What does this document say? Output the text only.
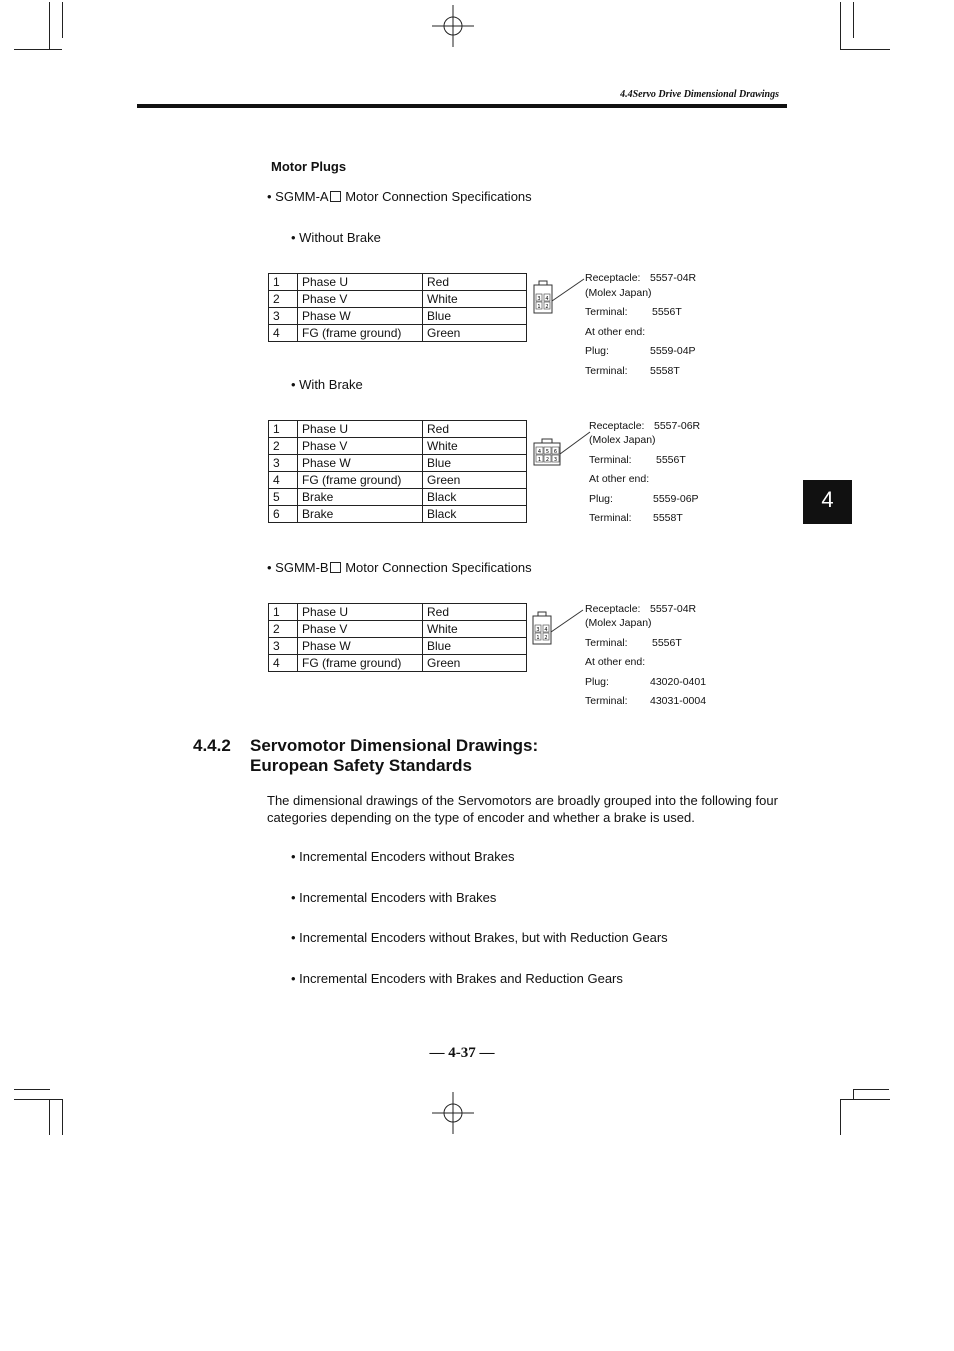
4.4Servo Drive Dimensional Drawings
4
Motor Plugs
• SGMM-A Motor Connection Specifications
• Without Brake
1	Phase U	Red
2	Phase V	White
3	Phase W	Blue
4	FG (frame ground)	Green
3 4
1 2
Receptacle: 5557-04R
(Molex Japan)
Terminal: 5556T
At other end:
Plug:	5559-04P
Terminal: 5558T
• With Brake
1	Phase U	Red
2	Phase V	White
3	Phase W	Blue
4	FG (frame ground)	Green
5	Brake	Black
6	Brake	Black
4 5 6
1 2 3
Receptacle: 5557-06R
(Molex Japan)
Terminal: 5556T
At other end:
Plug:	5559-06P
Terminal: 5558T
• SGMM-B Motor Connection Specifications
1	Phase U	Red
2	Phase V	White
3	Phase W	Blue
4	FG (frame ground)	Green
3 4
1 2
Receptacle: 5557-04R
(Molex Japan)
Terminal: 5556T
At other end:
Plug:	43020-0401
Terminal: 43031-0004
4.4.2 Servomotor Dimensional Drawings:
European Safety Standards
The dimensional drawings of the Servomotors are broadly grouped into the following four categories depending on the type of encoder and whether a brake is used.
• Incremental Encoders without Brakes
• Incremental Encoders with Brakes
• Incremental Encoders without Brakes, but with Reduction Gears
• Incremental Encoders with Brakes and Reduction Gears
— 4-37 —
